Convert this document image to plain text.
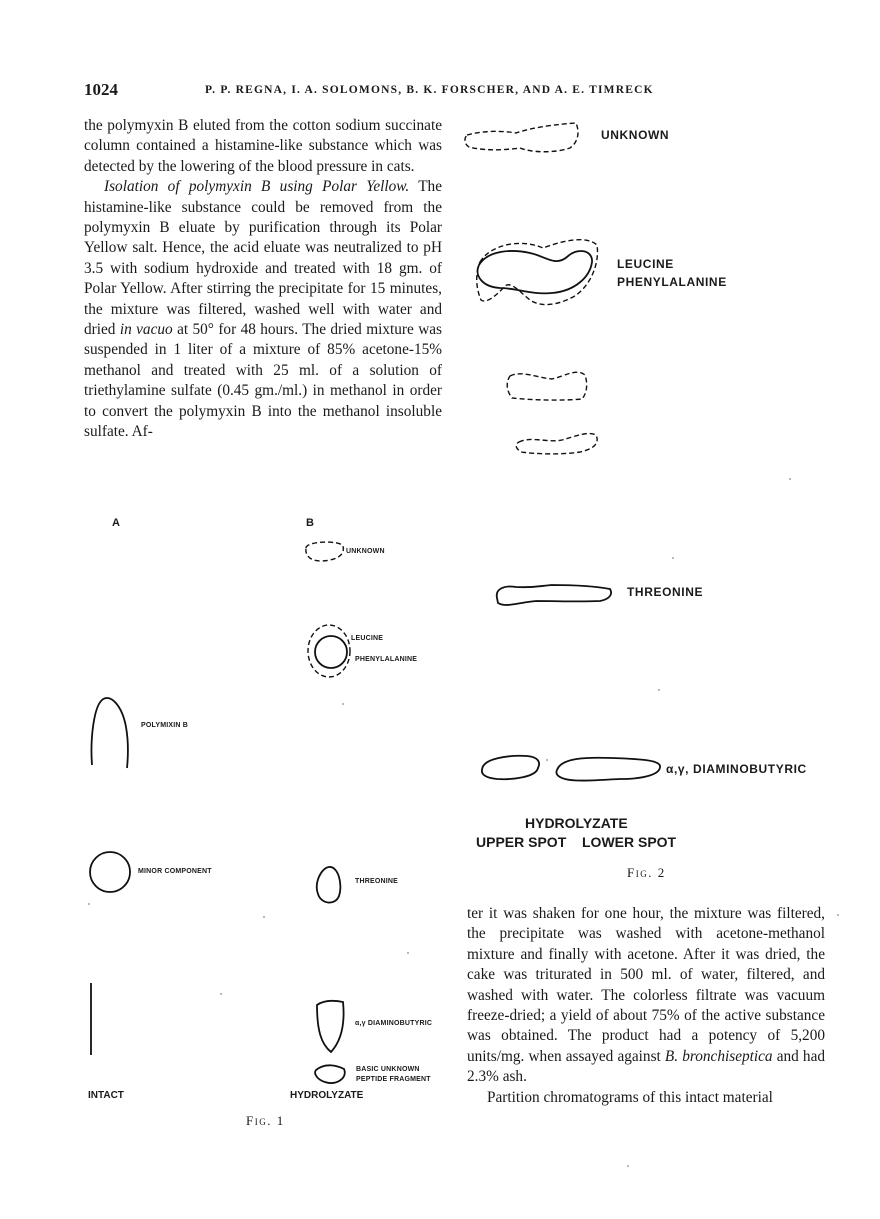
1024	P. P. REGNA, I. A. SOLOMONS, B. K. FORSCHER, AND A. E. TIMRECK

the polymyxin B eluted from the cotton sodium succinate column contained a histamine-like substance which was detected by the lowering of the blood pressure in cats.

Isolation of polymyxin B using Polar Yellow. The histamine-like substance could be removed from the polymyxin B eluate by purification through its Polar Yellow salt. Hence, the acid eluate was neutralized to pH 3.5 with sodium hydroxide and treated with 18 gm. of Polar Yellow. After stirring the precipitate for 15 minutes, the mixture was filtered, washed well with water and dried in vacuo at 50° for 48 hours. The dried mixture was suspended in 1 liter of a mixture of 85% acetone-15% methanol and treated with 25 ml. of a solution of triethylamine sulfate (0.45 gm./ml.) in methanol in order to convert the polymyxin B into the methanol insoluble sulfate. Af-

ter it was shaken for one hour, the mixture was filtered, the precipitate was washed with acetone-methanol mixture and finally with acetone. After it was dried, the cake was triturated in 500 ml. of water, filtered, and washed with water. The colorless filtrate was vacuum freeze-dried; a yield of about 75% of the active substance was obtained. The product had a potency of 5,200 units/mg. when assayed against B. bronchiseptica and had 2.3% ash.

Partition chromatograms of this intact material

A	B
UNKNOWN
LEUCINE
PHENYLALANINE
POLYMIXIN B
MINOR COMPONENT
THREONINE
α,γ DIAMINOBUTYRIC
BASIC UNKNOWN
PEPTIDE FRAGMENT
INTACT	HYDROLYZATE
Fig. 1
UNKNOWN
LEUCINE
PHENYLALANINE
THREONINE
α,γ, DIAMINOBUTYRIC
HYDROLYZATE
UPPER SPOT LOWER SPOT
Fig. 2
